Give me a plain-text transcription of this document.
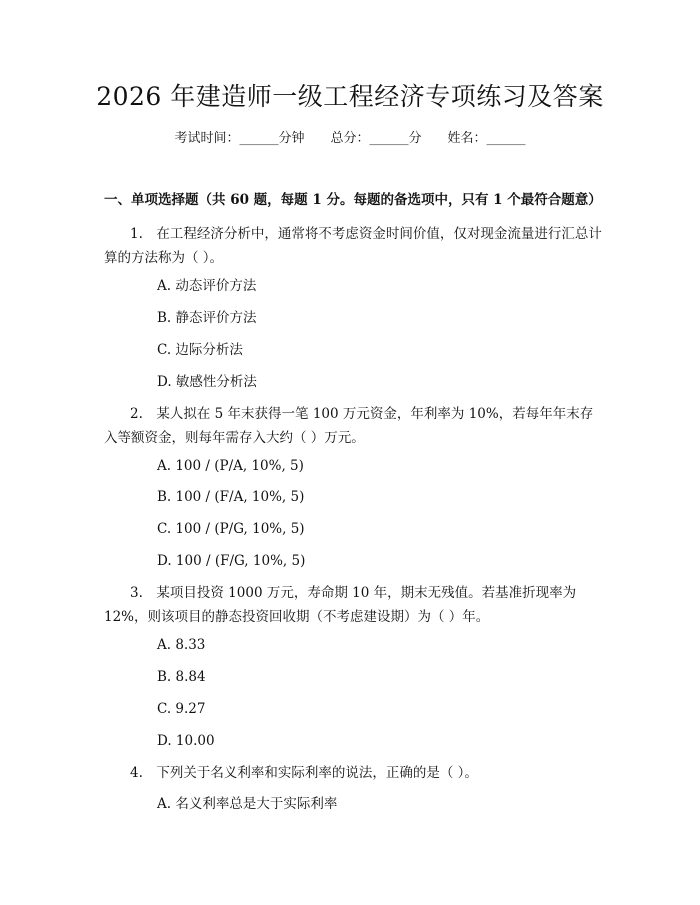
2026 年建造师一级工程经济专项练习及答案
考试时间：______分钟 总分：______分 姓名：______
一、单项选择题（共 60 题，每题 1 分。每题的备选项中，只有 1 个最符合题意）
1.　在工程经济分析中，通常将不考虑资金时间价值，仅对现金流量进行汇总计算的方法称为（ ）。
A. 动态评价方法
B. 静态评价方法
C. 边际分析法
D. 敏感性分析法
2.　某人拟在 5 年末获得一笔 100 万元资金，年利率为 10%，若每年年末存入等额资金，则每年需存入大约（ ）万元。
A. 100 / (P/A, 10%, 5)
B. 100 / (F/A, 10%, 5)
C. 100 / (P/G, 10%, 5)
D. 100 / (F/G, 10%, 5)
3.　某项目投资 1000 万元，寿命期 10 年，期末无残值。若基准折现率为 12%，则该项目的静态投资回收期（不考虑建设期）为（ ）年。
A. 8.33
B. 8.84
C. 9.27
D. 10.00
4.　下列关于名义利率和实际利率的说法，正确的是（ ）。
A. 名义利率总是大于实际利率
